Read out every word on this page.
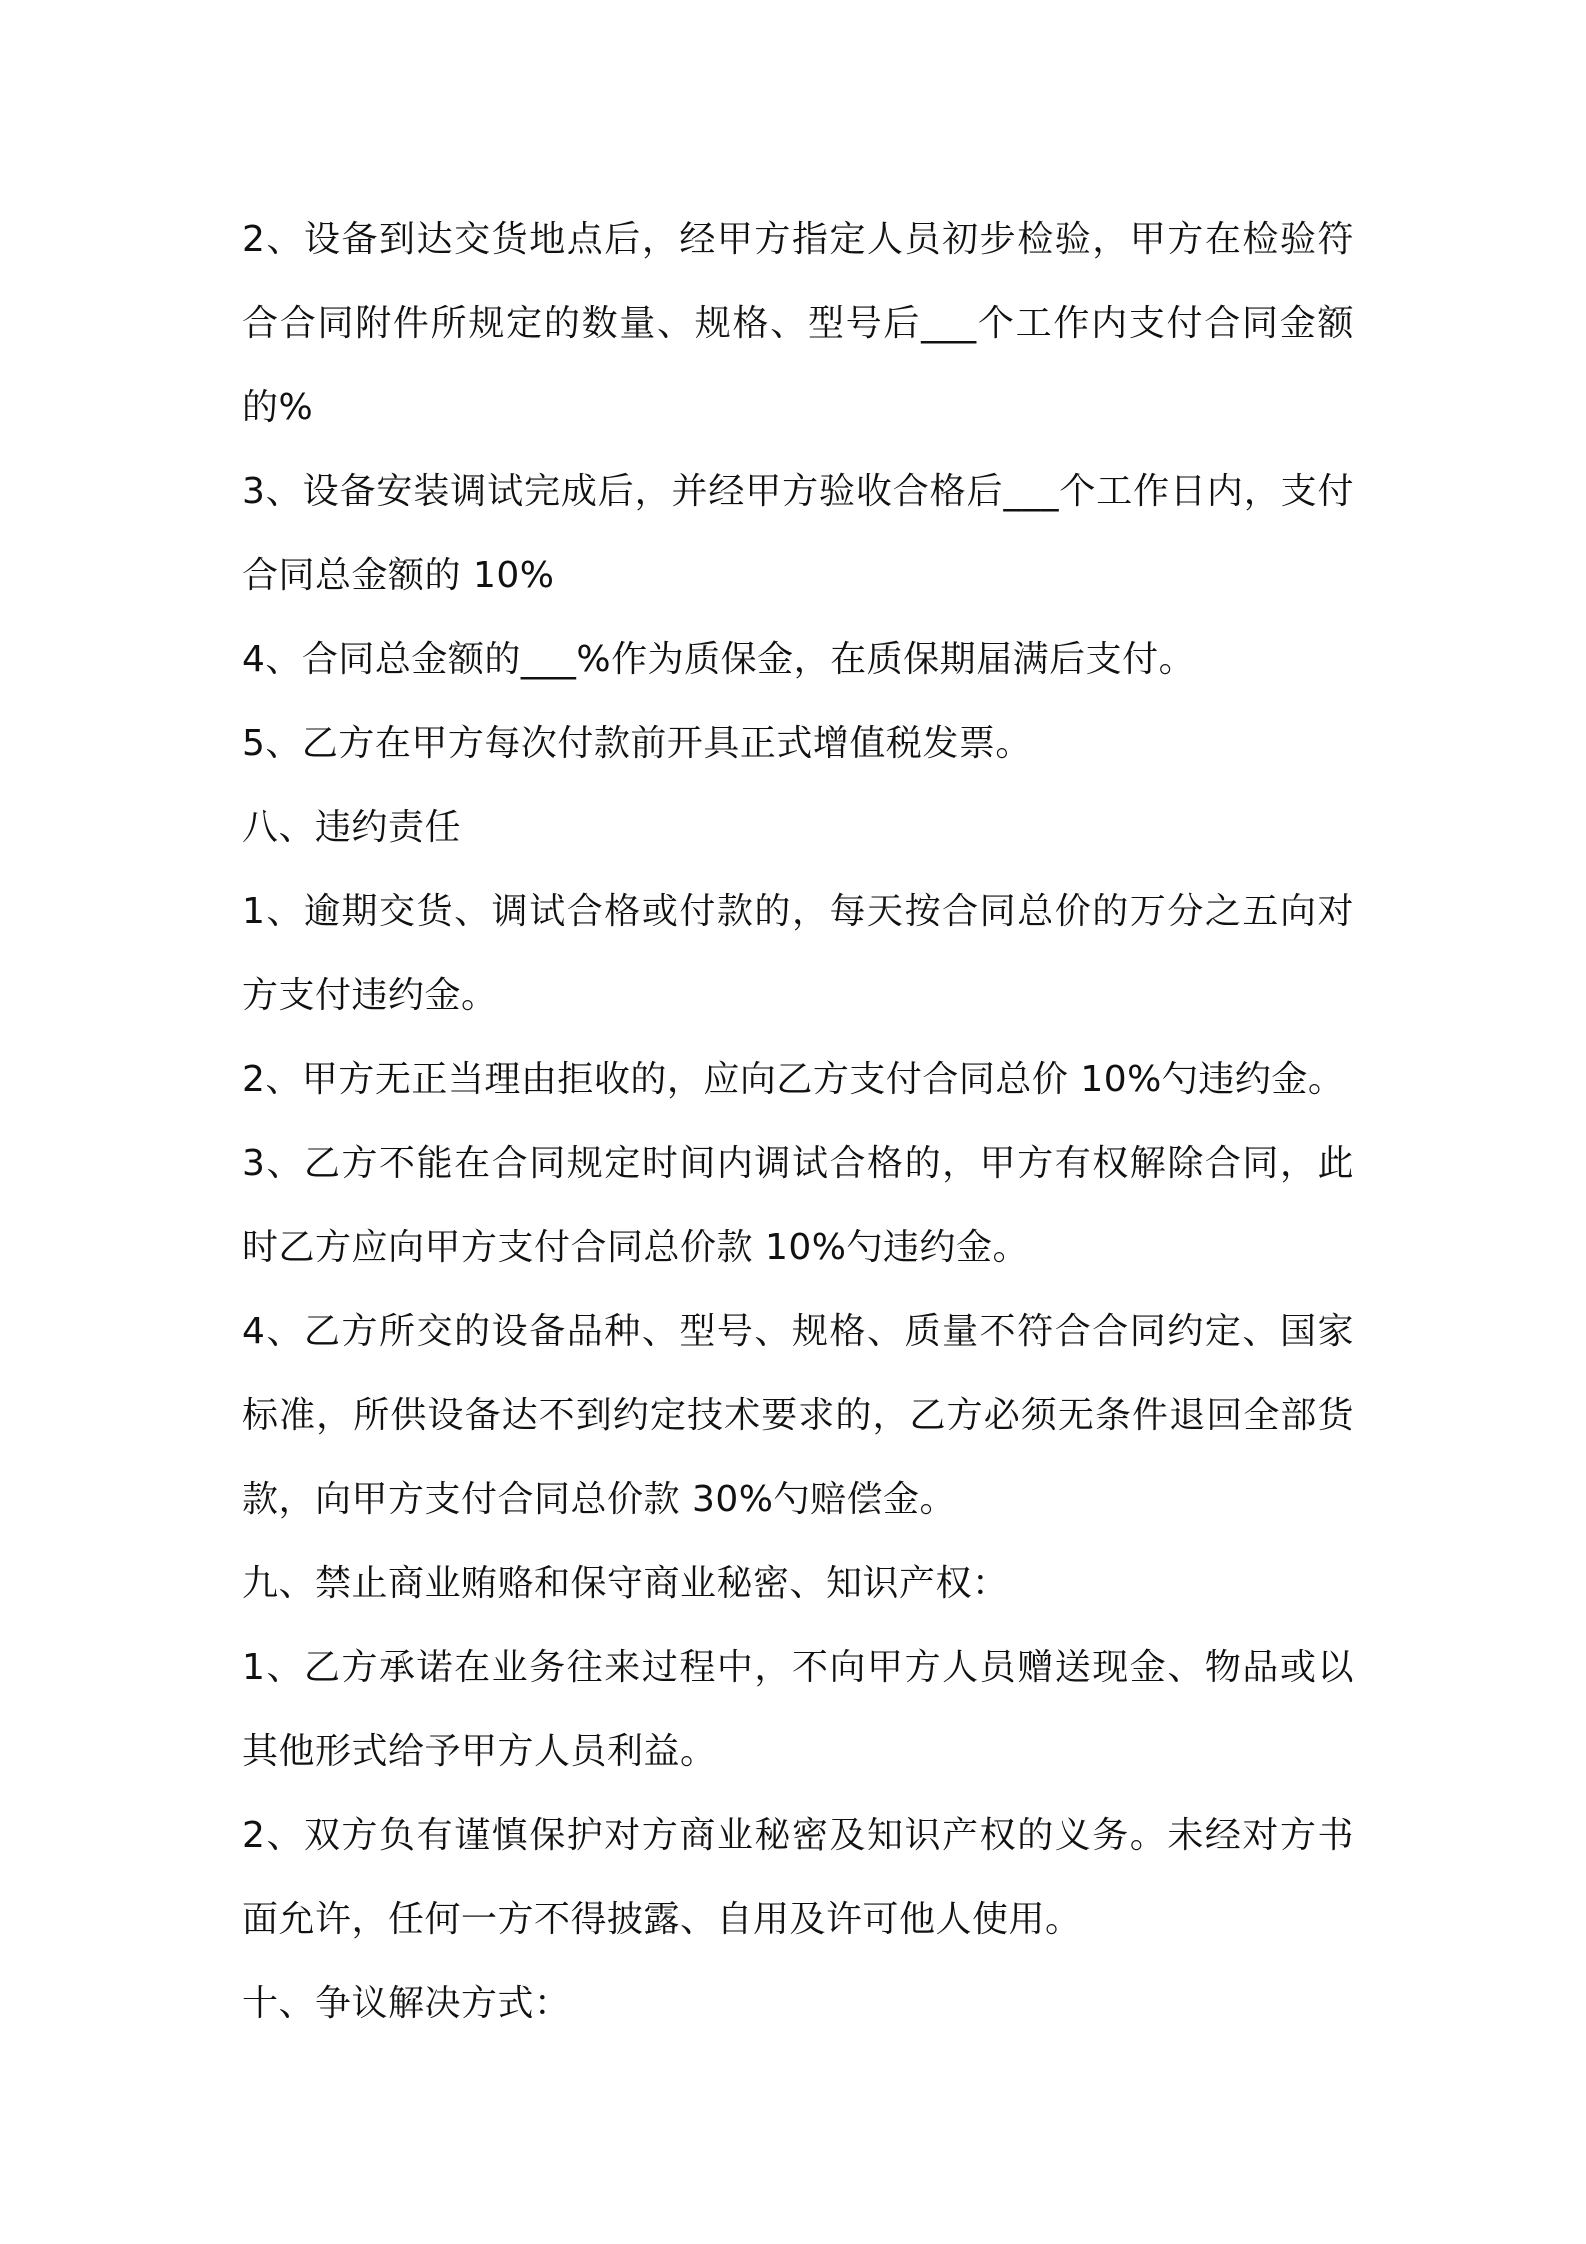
2、设备到达交货地点后，经甲方指定人员初步检验，甲方在检验符合合同附件所规定的数量、规格、型号后___个工作内支付合同金额的%

3、设备安装调试完成后，并经甲方验收合格后___个工作日内，支付合同总金额的 10%

4、合同总金额的___%作为质保金，在质保期届满后支付。

5、乙方在甲方每次付款前开具正式增值税发票。

八、违约责任

1、逾期交货、调试合格或付款的，每天按合同总价的万分之五向对方支付违约金。

2、甲方无正当理由拒收的，应向乙方支付合同总价 10%勺违约金。

3、乙方不能在合同规定时间内调试合格的，甲方有权解除合同，此时乙方应向甲方支付合同总价款 10%勺违约金。

4、乙方所交的设备品种、型号、规格、质量不符合合同约定、国家标准，所供设备达不到约定技术要求的，乙方必须无条件退回全部货款，向甲方支付合同总价款 30%勺赔偿金。

九、禁止商业贿赂和保守商业秘密、知识产权：

1、乙方承诺在业务往来过程中，不向甲方人员赠送现金、物品或以其他形式给予甲方人员利益。

2、双方负有谨慎保护对方商业秘密及知识产权的义务。未经对方书面允许，任何一方不得披露、自用及许可他人使用。

十、争议解决方式：
